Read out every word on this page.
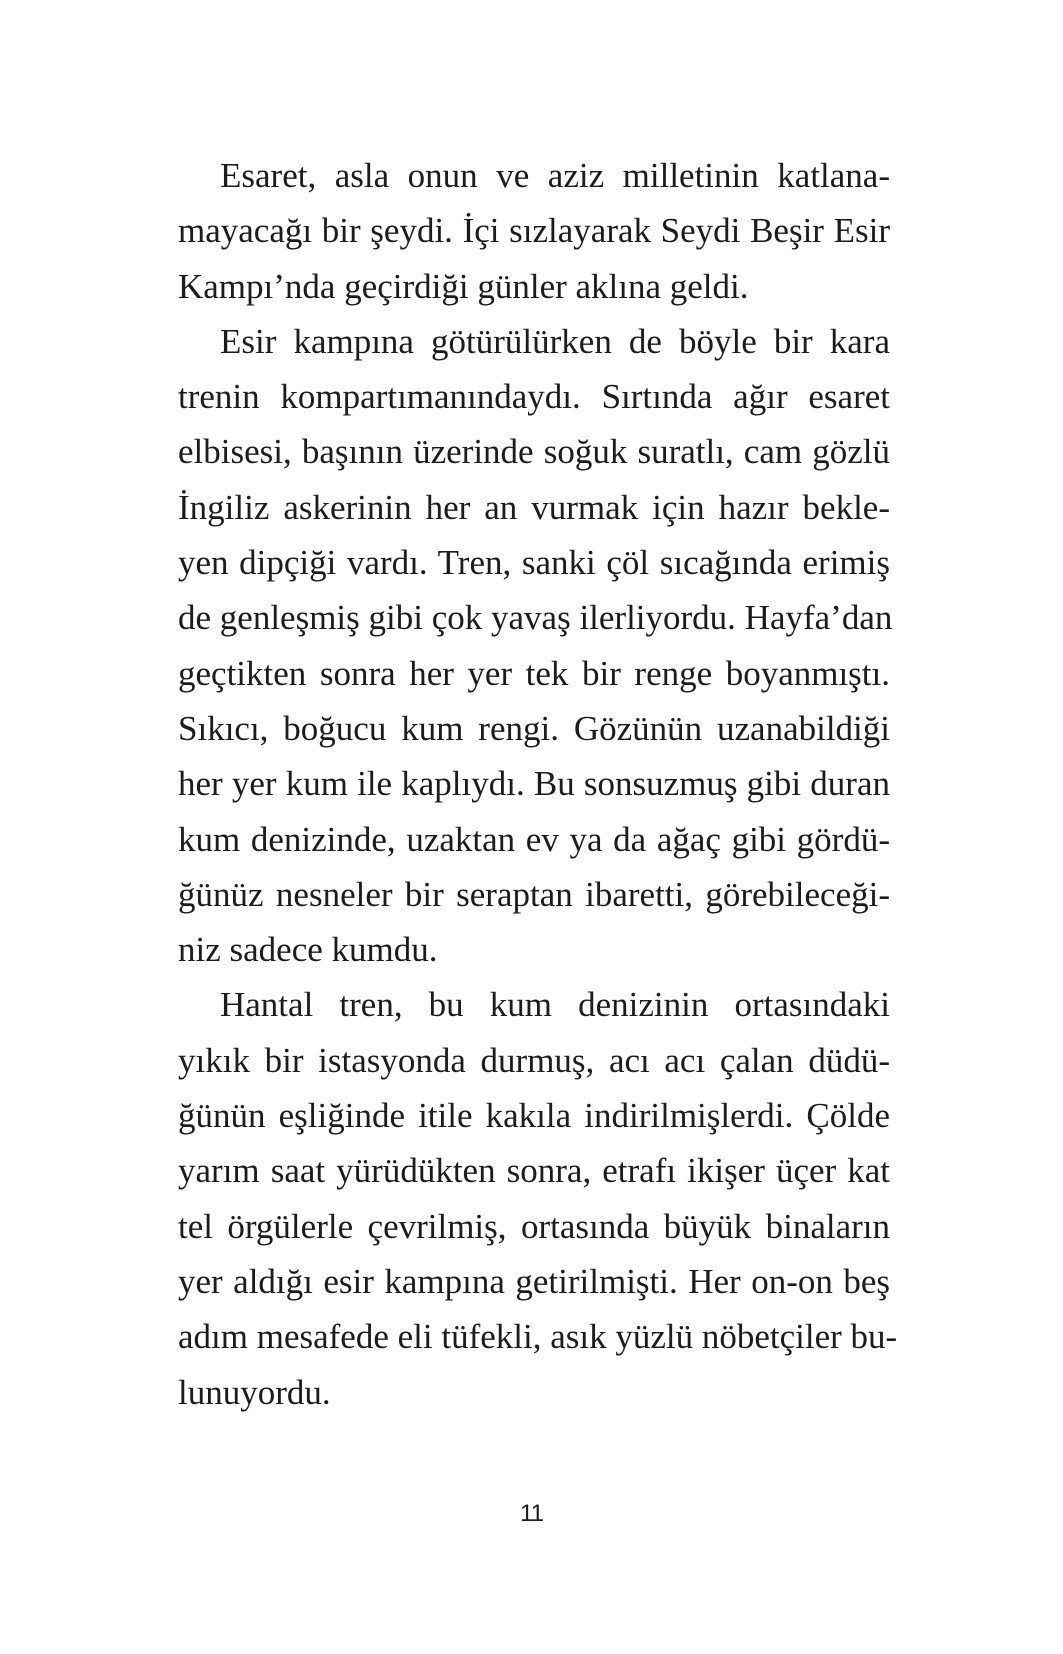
Esaret, asla onun ve aziz milletinin katlana-
mayacağı bir şeydi. İçi sızlayarak Seydi Beşir Esir
Kampı’nda geçirdiği günler aklına geldi.
Esir kampına götürülürken de böyle bir kara
trenin kompartımanındaydı. Sırtında ağır esaret
elbisesi, başının üzerinde soğuk suratlı, cam gözlü
İngiliz askerinin her an vurmak için hazır bekle-
yen dipçiği vardı. Tren, sanki çöl sıcağında erimiş
de genleşmiş gibi çok yavaş ilerliyordu. Hayfa’dan
geçtikten sonra her yer tek bir renge boyanmıştı.
Sıkıcı, boğucu kum rengi. Gözünün uzanabildiği
her yer kum ile kaplıydı. Bu sonsuzmuş gibi duran
kum denizinde, uzaktan ev ya da ağaç gibi gördü-
ğünüz nesneler bir seraptan ibaretti, görebileceği-
niz sadece kumdu.
Hantal tren, bu kum denizinin ortasındaki
yıkık bir istasyonda durmuş, acı acı çalan düdü-
ğünün eşliğinde itile kakıla indirilmişlerdi. Çölde
yarım saat yürüdükten sonra, etrafı ikişer üçer kat
tel örgülerle çevrilmiş, ortasında büyük binaların
yer aldığı esir kampına getirilmişti. Her on-on beş
adım mesafede eli tüfekli, asık yüzlü nöbetçiler bu-
lunuyordu.
11
